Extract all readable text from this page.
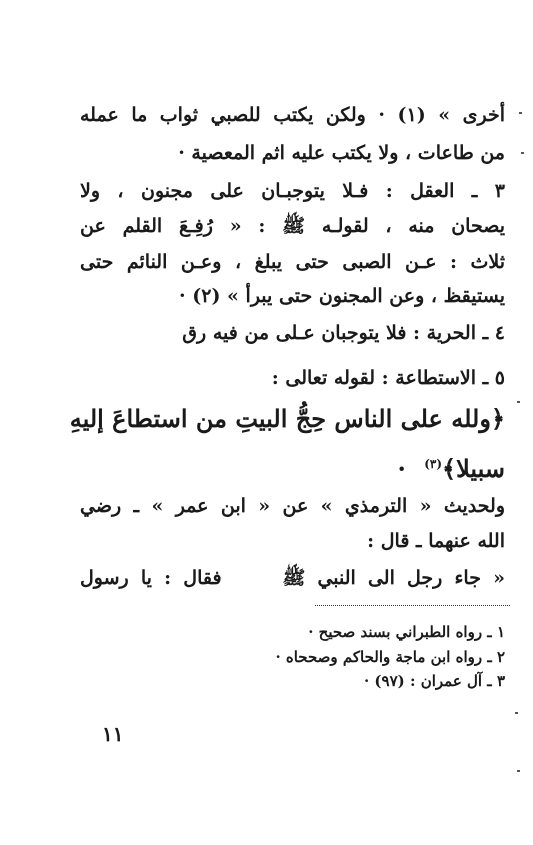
أخرى » (١) · ولكن يكتب للصبي ثواب ما عمله
من طاعات ، ولا يكتب عليه اثم المعصية ·
٣ ـ العقل : فـلا يتوجبـان على مجنون ، ولا
يصحان منه ، لقولـه ﷺ : « رُفِـعَ القلم عن
ثلاث : عـن الصبى حتى يبلغ ، وعـن النائم حتى
يستيقظ ، وعن المجنون حتى يبرأ » (٢) ·
٤ ـ الحرية : فلا يتوجبان عـلى من فيه رق
٥ ـ الاستطاعة : لقوله تعالى :
﴿ولله على الناس حِجُّ البيتِ من استطاعَ إليهِ
سبيلا﴾$^{(٣)}$ ·
ولحديث « الترمذي » عن « ابن عمر » ـ رضي
الله عنهما ـ قال :
« جاء رجل الى النبي ﷺ     فقال : يا رسول
١ ـ رواه الطبراني بسند صحيح ·
٢ ـ رواه ابن ماجة والحاكم وصححاه ·
٣ ـ آل عمران : (٩٧) ·
١١
